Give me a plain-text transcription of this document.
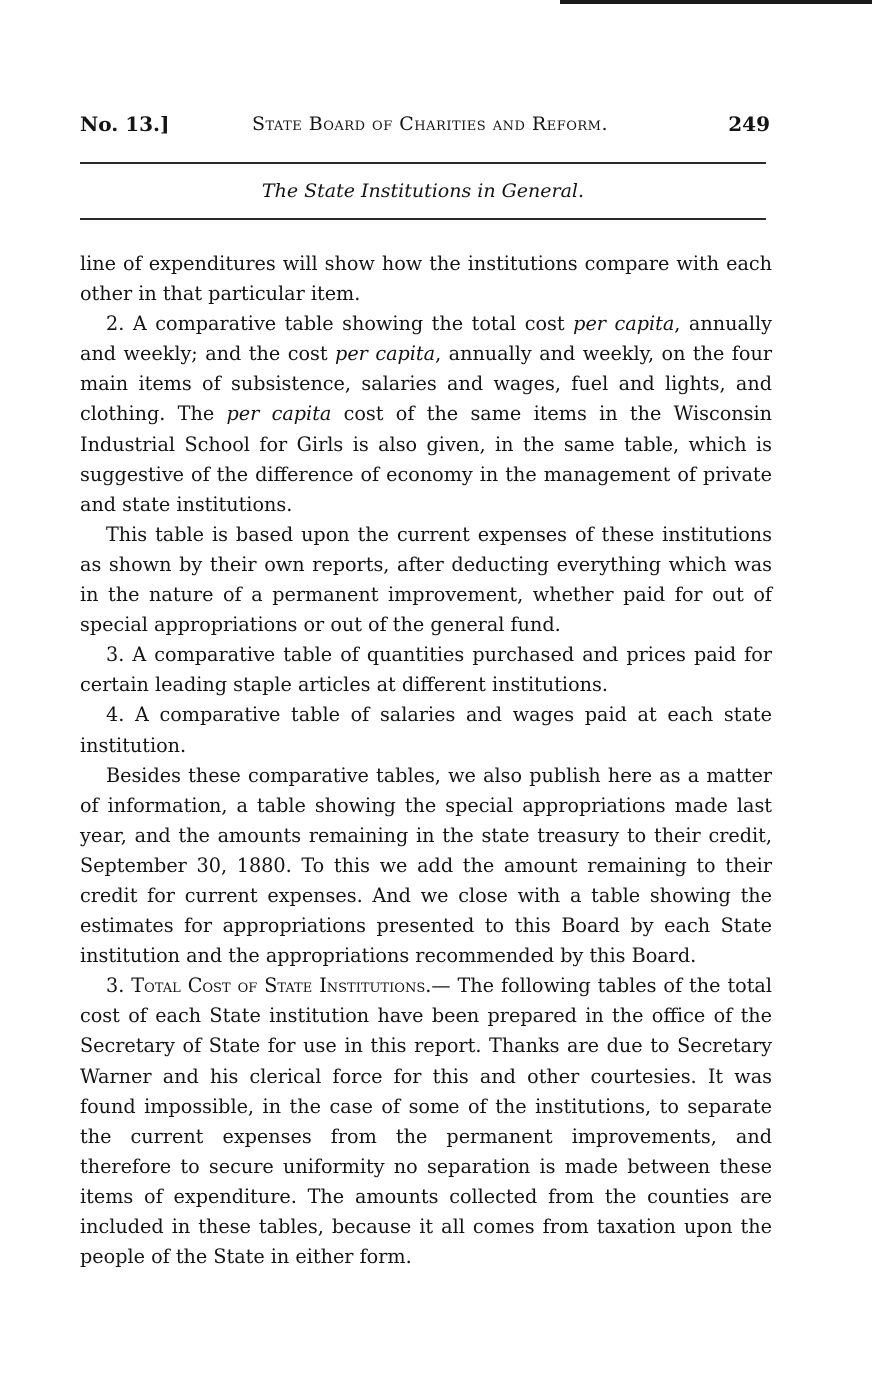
No. 13.]	State Board of Charities and Reform.	249
The State Institutions in General.

line of expenditures will show how the institutions compare with each other in that particular item.

2. A comparative table showing the total cost per capita, annually and weekly; and the cost per capita, annually and weekly, on the four main items of subsistence, salaries and wages, fuel and lights, and clothing. The per capita cost of the same items in the Wisconsin Industrial School for Girls is also given, in the same table, which is suggestive of the difference of economy in the management of private and state institutions.

This table is based upon the current expenses of these institutions as shown by their own reports, after deducting everything which was in the nature of a permanent improvement, whether paid for out of special appropriations or out of the general fund.

3. A comparative table of quantities purchased and prices paid for certain leading staple articles at different institutions.

4. A comparative table of salaries and wages paid at each state institution.

Besides these comparative tables, we also publish here as a matter of information, a table showing the special appropriations made last year, and the amounts remaining in the state treasury to their credit, September 30, 1880. To this we add the amount remaining to their credit for current expenses. And we close with a table showing the estimates for appropriations presented to this Board by each State institution and the appropriations recommended by this Board.

3. Total Cost of State Institutions.— The following tables of the total cost of each State institution have been prepared in the office of the Secretary of State for use in this report. Thanks are due to Secretary Warner and his clerical force for this and other courtesies. It was found impossible, in the case of some of the institutions, to separate the current expenses from the permanent improvements, and therefore to secure uniformity no separation is made between these items of expenditure. The amounts collected from the counties are included in these tables, because it all comes from taxation upon the people of the State in either form.
